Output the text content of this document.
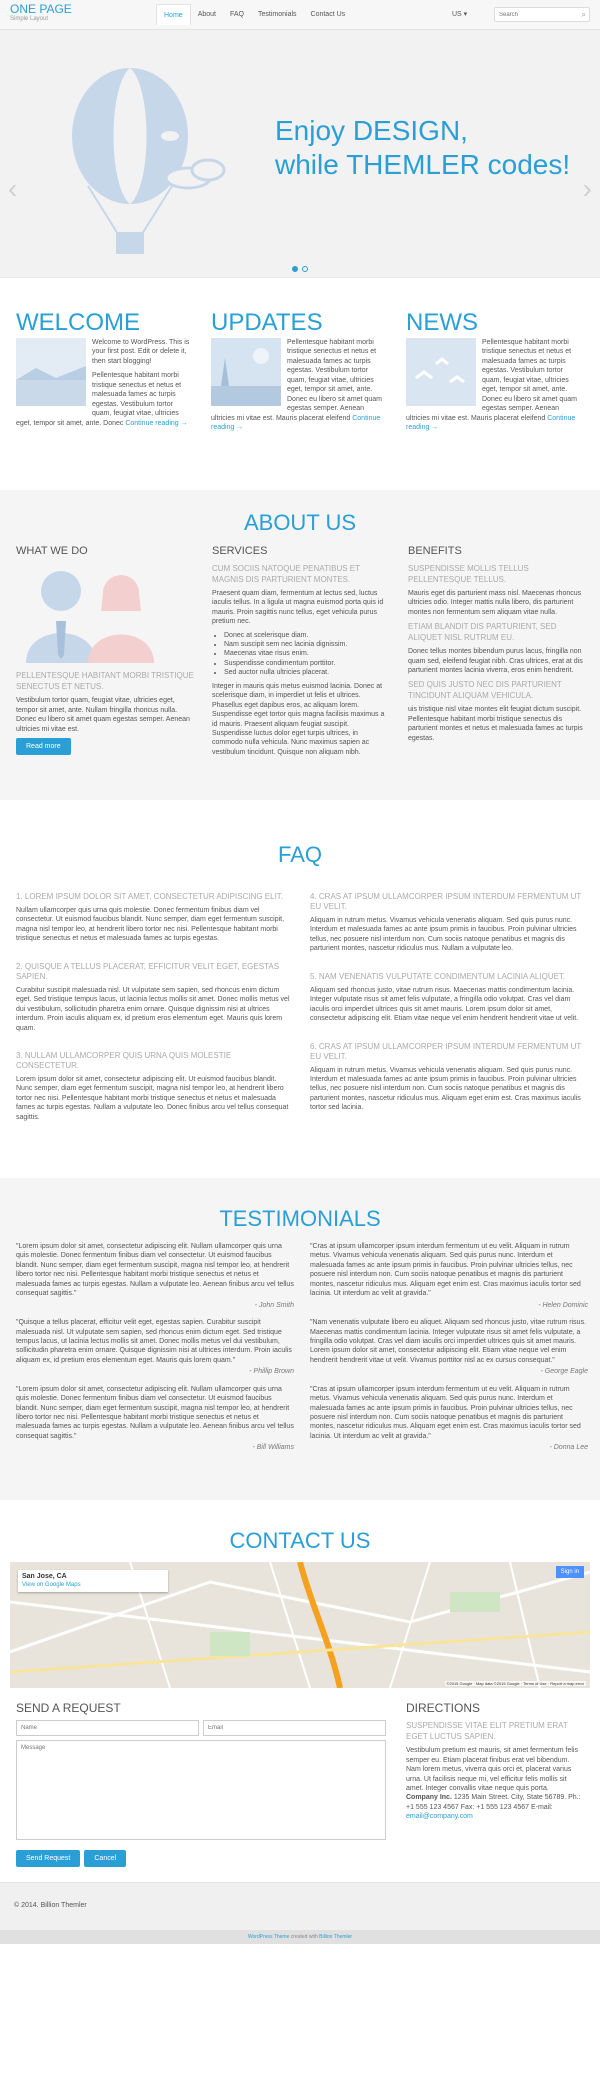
ONE PAGE
Simple Layout	Home	About	FAQ	Testimonials	Contact Us	US ▾
Search	⌕
‹
Enjoy DESIGN,
while THEMLER codes!
›
WELCOME

Welcome to WordPress. This is your first post. Edit or delete it, then start blogging!

Pellentesque habitant morbi tristique senectus et netus et malesuada fames ac turpis egestas. Vestibulum tortor quam, feugiat vitae, ultricies eget, tempor sit amet, ante. Donec Continue reading →

UPDATES

Pellentesque habitant morbi tristique senectus et netus et malesuada fames ac turpis egestas. Vestibulum tortor quam, feugiat vitae, ultricies eget, tempor sit amet, ante. Donec eu libero sit amet quam egestas semper. Aenean ultricies mi vitae est. Mauris placerat eleifend Continue reading →

NEWS

Pellentesque habitant morbi tristique senectus et netus et malesuada fames ac turpis egestas. Vestibulum tortor quam, feugiat vitae, ultricies eget, tempor sit amet, ante. Donec eu libero sit amet quam egestas semper. Aenean ultricies mi vitae est. Mauris placerat eleifend Continue reading →

ABOUT US
WHAT WE DO
PELLENTESQUE HABITANT MORBI TRISTIQUE SENECTUS ET NETUS.

Vestibulum tortor quam, feugiat vitae, ultricies eget, tempor sit amet, ante. Nullam fringilla rhoncus nulla. Donec eu libero sit amet quam egestas semper. Aenean ultricies mi vitae est.

Read more
SERVICES
CUM SOCIIS NATOQUE PENATIBUS ET MAGNIS DIS PARTURIENT MONTES.

Praesent quam diam, fermentum at lectus sed, luctus iaculis tellus. In a ligula ut magna euismod porta quis id mauris. Proin sagittis nunc tellus, eget vehicula purus pretium nec.

• Donec at scelerisque diam.
• Nam suscipit sem nec lacinia dignissim.
• Maecenas vitae risus enim.
• Suspendisse condimentum porttitor.
• Sed auctor nulla ultricies placerat.

Integer in mauris quis metus euismod lacinia. Donec at scelerisque diam, in imperdiet ut felis et ultrices. Phasellus eget dapibus eros, ac aliquam lorem. Suspendisse eget tortor quis magna facilisis maximus a id mauris. Praesent aliquam feugiat suscipit. Suspendisse luctus dolor eget turpis ultrices, in commodo nulla vehicula. Nunc maximus sapien ac vestibulum tincidunt. Quisque non aliquam nibh.

BENEFITS
SUSPENDISSE MOLLIS TELLUS PELLENTESQUE TELLUS.

Mauris eget dis parturient mass nisl. Maecenas rhoncus ultricies odio. Integer mattis nulla libero, dis parturient montes non fermentum sem aliquam vitae nulla.

ETIAM BLANDIT DIS PARTURIENT, SED ALIQUET NISL RUTRUM EU.

Donec tellus montes bibendum purus lacus, fringilla non quam sed, eleifend feugiat nibh. Cras ultrices, erat at dis parturient montes lacinia viverra, eros enim hendrerit.

SED QUIS JUSTO NEC DIS PARTURIENT TINCIDUNT ALIQUAM VEHICULA.

uis tristique nisl vitae montes elit feugiat dictum suscipit. Pellentesque habitant morbi tristique senectus dis parturient montes et netus et malesuada fames ac turpis egestas.

FAQ
1. LOREM IPSUM DOLOR SIT AMET, CONSECTETUR ADIPISCING ELIT.
Nullam ullamcorper quis urna quis molestie. Donec fermentum finibus diam vel consectetur. Ut euismod faucibus blandit. Nunc semper, diam eget fermentum suscipit, magna nisl tempor leo, at hendrerit libero tortor nec nisi. Pellentesque habitant morbi tristique senectus et netus et malesuada fames ac turpis egestas.
2. QUISQUE A TELLUS PLACERAT, EFFICITUR VELIT EGET, EGESTAS SAPIEN.
Curabitur suscipit malesuada nisl. Ut vulputate sem sapien, sed rhoncus enim dictum eget. Sed tristique tempus lacus, ut lacinia lectus mollis sit amet. Donec mollis metus vel dui vestibulum, sollicitudin pharetra enim ornare. Quisque dignissim nisi at ultrices interdum. Proin iaculis aliquam ex, id pretium eros elementum eget. Mauris quis lorem quam.
3. NULLAM ULLAMCORPER QUIS URNA QUIS MOLESTIE CONSECTETUR.
Lorem ipsum dolor sit amet, consectetur adipiscing elit. Ut euismod faucibus blandit. Nunc semper, diam eget fermentum suscipit, magna nisl tempor leo, at hendrerit libero tortor nec nisi. Pellentesque habitant morbi tristique senectus et netus et malesuada fames ac turpis egestas. Nullam a vulputate leo. Donec finibus arcu vel tellus consequat sagittis.
4. CRAS AT IPSUM ULLAMCORPER IPSUM INTERDUM FERMENTUM UT EU VELIT.
Aliquam in rutrum metus. Vivamus vehicula venenatis aliquam. Sed quis purus nunc. Interdum et malesuada fames ac ante ipsum primis in faucibus. Proin pulvinar ultricies tellus, nec posuere nisl interdum non. Cum sociis natoque penatibus et magnis dis parturient montes, nascetur ridiculus mus. Nullam a vulputate leo.
5. NAM VENENATIS VULPUTATE CONDIMENTUM LACINIA ALIQUET.
Aliquam sed rhoncus justo, vitae rutrum risus. Maecenas mattis condimentum lacinia. Integer vulputate risus sit amet felis vulputate, a fringilla odio volutpat. Cras vel diam iaculis orci imperdiet ultrices quis sit amet mauris. Lorem ipsum dolor sit amet, consectetur adipiscing elit. Etiam vitae neque vel enim hendrerit hendrerit vitae ut velit.
6. CRAS AT IPSUM ULLAMCORPER IPSUM INTERDUM FERMENTUM UT EU VELIT.
Aliquam in rutrum metus. Vivamus vehicula venenatis aliquam. Sed quis purus nunc. Interdum et malesuada fames ac ante ipsum primis in faucibus. Proin pulvinar ultricies tellus, nec posuere nisl interdum non. Cum sociis natoque penatibus et magnis dis parturient montes, nascetur ridiculus mus. Aliquam eget enim est. Cras maximus iaculis tortor sed lacinia.
TESTIMONIALS

"Lorem ipsum dolor sit amet, consectetur adipiscing elit. Nullam ullamcorper quis urna quis molestie. Donec fermentum finibus diam vel consectetur. Ut euismod faucibus blandit. Nunc semper, diam eget fermentum suscipit, magna nisl tempor leo, at hendrerit libero tortor nec nisi. Pellentesque habitant morbi tristique senectus et netus et malesuada fames ac turpis egestas. Nullam a vulputate leo. Aenean finibus arcu vel tellus consequat sagittis."

- John Smith

"Quisque a tellus placerat, efficitur velit eget, egestas sapien. Curabitur suscipit malesuada nisl. Ut vulputate sem sapien, sed rhoncus enim dictum eget. Sed tristique tempus lacus, ut lacinia lectus mollis sit amet. Donec mollis metus vel dui vestibulum, sollicitudin pharetra enim ornare. Quisque dignissim nisi at ultrices interdum. Proin iaculis aliquam ex, id pretium eros elementum eget. Mauris quis lorem quam."

- Phillip Brown

"Lorem ipsum dolor sit amet, consectetur adipiscing elit. Nullam ullamcorper quis urna quis molestie. Donec fermentum finibus diam vel consectetur. Ut euismod faucibus blandit. Nunc semper, diam eget fermentum suscipit, magna nisl tempor leo, at hendrerit libero tortor nec nisi. Pellentesque habitant morbi tristique senectus et netus et malesuada fames ac turpis egestas. Nullam a vulputate leo. Aenean finibus arcu vel tellus consequat sagittis."

- Bill Williams

"Cras at ipsum ullamcorper ipsum interdum fermentum ut eu velit. Aliquam in rutrum metus. Vivamus vehicula venenatis aliquam. Sed quis purus nunc. Interdum et malesuada fames ac ante ipsum primis in faucibus. Proin pulvinar ultricies tellus, nec posuere nisl interdum non. Cum sociis natoque penatibus et magnis dis parturient montes, nascetur ridiculus mus. Aliquam eget enim est. Cras maximus iaculis tortor sed lacinia. Ut interdum ac velit at gravida."

- Helen Dominic

"Nam venenatis vulputate libero eu aliquet. Aliquam sed rhoncus justo, vitae rutrum risus. Maecenas mattis condimentum lacinia. Integer vulputate risus sit amet felis vulputate, a fringilla odio volutpat. Cras vel diam iaculis orci imperdiet ultrices quis sit amet mauris. Lorem ipsum dolor sit amet, consectetur adipiscing elit. Etiam vitae neque vel enim hendrerit hendrerit vitae ut velit. Vivamus porttitor nisl ac ex cursus consequat."

- George Eagle

"Cras at ipsum ullamcorper ipsum interdum fermentum ut eu velit. Aliquam in rutrum metus. Vivamus vehicula venenatis aliquam. Sed quis purus nunc. Interdum et malesuada fames ac ante ipsum primis in faucibus. Proin pulvinar ultricies tellus, nec posuere nisl interdum non. Cum sociis natoque penatibus et magnis dis parturient montes, nascetur ridiculus mus. Aliquam eget enim est. Cras maximus iaculis tortor sed lacinia. Ut interdum ac velit at gravida."

- Donna Lee

CONTACT US
San Jose, CA
View on Google Maps
Sign in
©2015 Google · Map data ©2015 Google · Terms of Use · Report a map error
SEND A REQUEST
Name
Email
Message
Send Request	Cancel
DIRECTIONS
SUSPENDISSE VITAE ELIT PRETIUM ERAT EGET LUCTUS SAPIEN.

Vestibulum pretium est mauris, sit amet fermentum felis semper eu. Etiam placerat finibus erat vel bibendum. Nam lorem metus, viverra quis orci et, placerat varius urna. Ut facilisis neque mi, vel efficitur felis mollis sit amet. Integer convallis vitae neque quis porta.

Company Inc. 1235 Main Street. City, State 56789. Ph.: +1 555 123 4567 Fax: +1 555 123 4567 E-mail: email@company.com

© 2014. Billion Themler
WordPress Theme created with Billion Themler
